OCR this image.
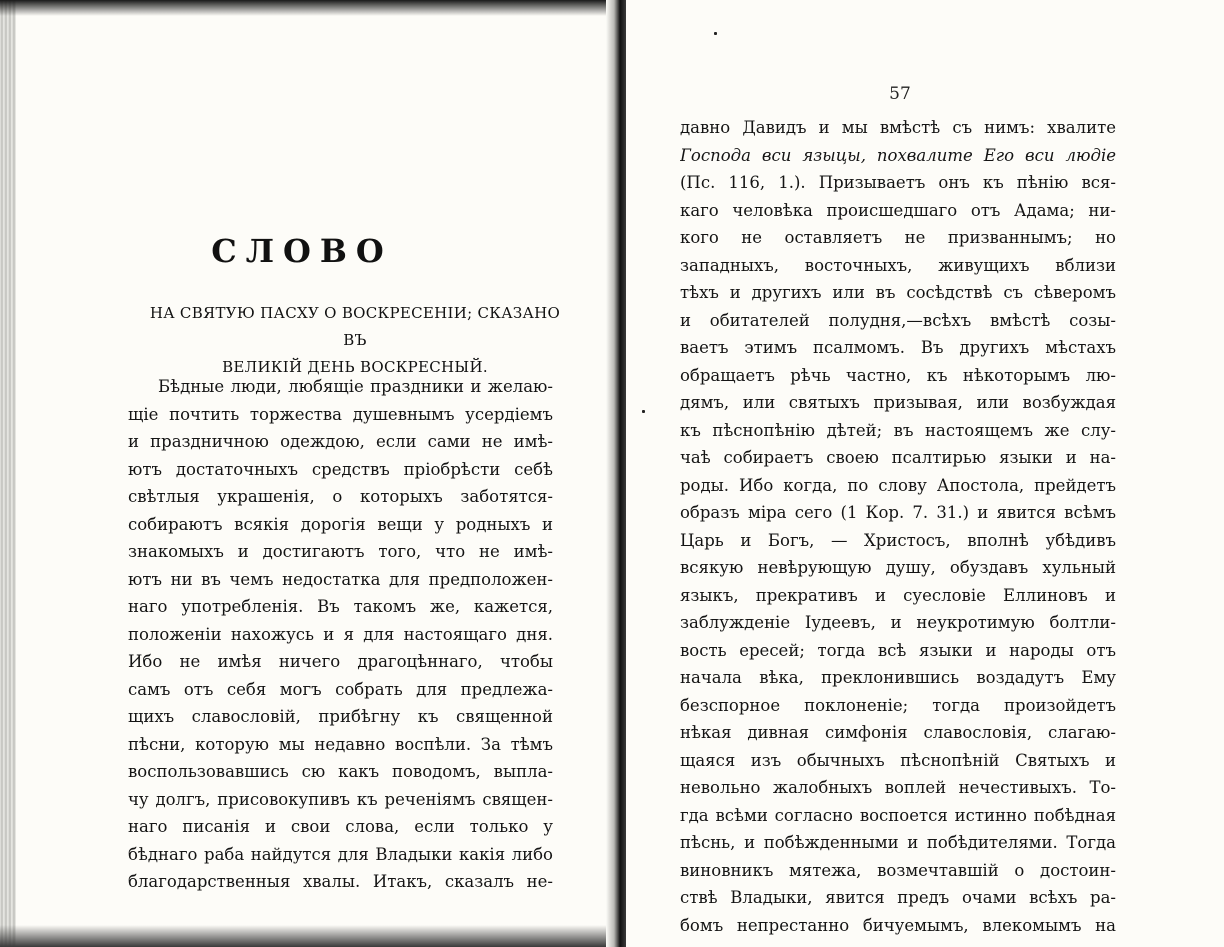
СЛОВО
НА СВЯТУЮ ПАСХУ О ВОСКРЕСЕНІИ; СКАЗАНО ВЪ
ВЕЛИКІЙ ДЕНЬ ВОСКРЕСНЫЙ.
Бѣдные люди, любящіе праздники и желаю-
щіе почтить торжества душевнымъ усердіемъ
и праздничною одеждою, если сами не имѣ-
ютъ достаточныхъ средствъ пріобрѣсти себѣ
свѣтлыя украшенія, о которыхъ заботятся-
собираютъ всякія дорогія вещи у родныхъ и
знакомыхъ и достигаютъ того, что не имѣ-
ютъ ни въ чемъ недостатка для предположен-
наго употребленія. Въ такомъ же, кажется,
положеніи нахожусь и я для настоящаго дня.
Ибо не имѣя ничего драгоцѣннаго, чтобы
самъ отъ себя могъ собрать для предлежа-
щихъ славословій, прибѣгну къ священной
пѣсни, которую мы недавно воспѣли. За тѣмъ
воспользовавшись сю какъ поводомъ, выпла-
чу долгъ, присовокупивъ къ реченіямъ священ-
наго писанія и свои слова, если только у
бѣднаго раба найдутся для Владыки какія либо
благодарственныя хвалы. Итакъ, сказалъ не-
57
давно Давидъ и мы вмѣстѣ съ нимъ: хвалите
Господа вси языцы, похвалите Его вси людіе
(Пс. 116, 1.). Призываетъ онъ къ пѣнію вся-
каго человѣка происшедшаго отъ Адама; ни-
кого не оставляетъ не призваннымъ; но
западныхъ, восточныхъ, живущихъ вблизи
тѣхъ и другихъ или въ сосѣдствѣ съ сѣверомъ
и обитателей полудня,—всѣхъ вмѣстѣ созы-
ваетъ этимъ псалмомъ. Въ другихъ мѣстахъ
обращаетъ рѣчь частно, къ нѣкоторымъ лю-
дямъ, или святыхъ призывая, или возбуждая
къ пѣснопѣнію дѣтей; въ настоящемъ же слу-
чаѣ собираетъ своею псалтирью языки и на-
роды. Ибо когда, по слову Апостола, прейдетъ
образъ міра сего (1 Кор. 7. 31.) и явится всѣмъ
Царь и Богъ, — Христосъ, вполнѣ убѣдивъ
всякую невѣрующую душу, обуздавъ хульный
языкъ, прекративъ и суесловіе Еллиновъ и
заблужденіе Іудеевъ, и неукротимую болтли-
вость ересей; тогда всѣ языки и народы отъ
начала вѣка, преклонившись воздадутъ Ему
безспорное поклоненіе; тогда произойдетъ
нѣкая дивная симфонія славословія, слагаю-
щаяся изъ обычныхъ пѣснопѣній Святыхъ и
невольно жалобныхъ воплей нечестивыхъ. То-
гда всѣми согласно воспоется истинно побѣдная
пѣснь, и побѣжденными и побѣдителями. Тогда
виновникъ мятежа, возмечтавшій о достоин-
ствѣ Владыки, явится предъ очами всѣхъ ра-
бомъ непрестанно бичуемымъ, влекомымъ на
